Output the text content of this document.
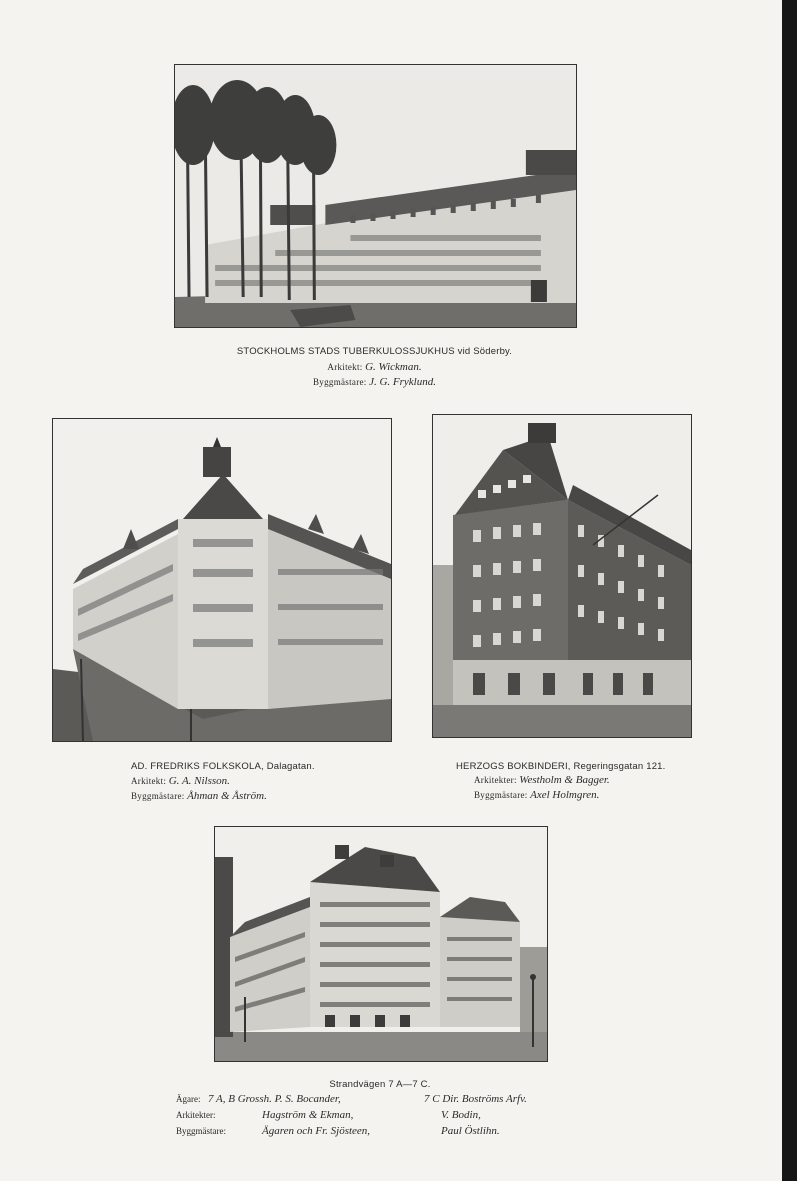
STOCKHOLMS STADS TUBERKULOSSJUKHUS vid Söderby.
Arkitekt: G. Wickman.
Byggmästare: J. G. Fryklund.
AD. FREDRIKS FOLKSKOLA, Dalagatan.
Arkitekt: G. A. Nilsson.
Byggmästare: Åhman & Åström.
HERZOGS BOKBINDERI, Regeringsgatan 121.
Arkitekter: Westholm & Bagger.
Byggmästare: Axel Holmgren.
Strandvägen 7 A—7 C.
Ägare: 7 A, B Grossh. P. S. Bocander,	7 C Dir. Boströms Arfv.
Arkitekter:	Hagström & Ekman,	V. Bodin,
Byggmästare:	Ägaren och Fr. Sjösteen,	Paul Östlihn.
